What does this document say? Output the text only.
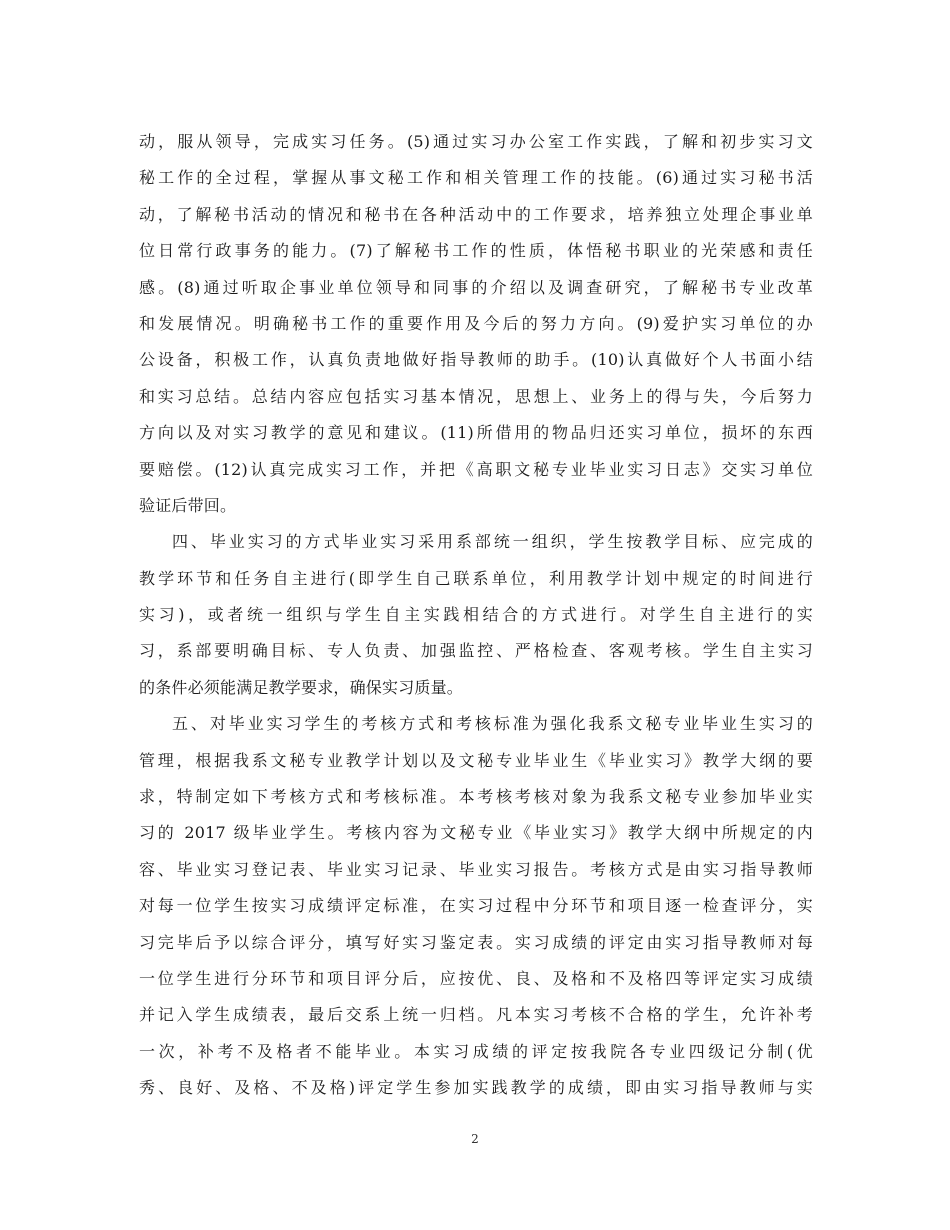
动，服从领导，完成实习任务。(5)通过实习办公室工作实践，了解和初步实习文
秘工作的全过程，掌握从事文秘工作和相关管理工作的技能。(6)通过实习秘书活
动，了解秘书活动的情况和秘书在各种活动中的工作要求，培养独立处理企事业单
位日常行政事务的能力。(7)了解秘书工作的性质，体悟秘书职业的光荣感和责任
感。(8)通过听取企事业单位领导和同事的介绍以及调查研究，了解秘书专业改革
和发展情况。明确秘书工作的重要作用及今后的努力方向。(9)爱护实习单位的办
公设备，积极工作，认真负责地做好指导教师的助手。(10)认真做好个人书面小结
和实习总结。总结内容应包括实习基本情况，思想上、业务上的得与失，今后努力
方向以及对实习教学的意见和建议。(11)所借用的物品归还实习单位，损坏的东西
要赔偿。(12)认真完成实习工作，并把《高职文秘专业毕业实习日志》交实习单位
验证后带回。
四、毕业实习的方式毕业实习采用系部统一组织，学生按教学目标、应完成的
教学环节和任务自主进行(即学生自己联系单位，利用教学计划中规定的时间进行
实习)，或者统一组织与学生自主实践相结合的方式进行。对学生自主进行的实
习，系部要明确目标、专人负责、加强监控、严格检查、客观考核。学生自主实习
的条件必须能满足教学要求，确保实习质量。
五、对毕业实习学生的考核方式和考核标准为强化我系文秘专业毕业生实习的
管理，根据我系文秘专业教学计划以及文秘专业毕业生《毕业实习》教学大纲的要
求，特制定如下考核方式和考核标准。本考核考核对象为我系文秘专业参加毕业实
习的 2017 级毕业学生。考核内容为文秘专业《毕业实习》教学大纲中所规定的内
容、毕业实习登记表、毕业实习记录、毕业实习报告。考核方式是由实习指导教师
对每一位学生按实习成绩评定标准，在实习过程中分环节和项目逐一检查评分，实
习完毕后予以综合评分，填写好实习鉴定表。实习成绩的评定由实习指导教师对每
一位学生进行分环节和项目评分后，应按优、良、及格和不及格四等评定实习成绩
并记入学生成绩表，最后交系上统一归档。凡本实习考核不合格的学生，允许补考
一次，补考不及格者不能毕业。本实习成绩的评定按我院各专业四级记分制(优
秀、良好、及格、不及格)评定学生参加实践教学的成绩，即由实习指导教师与实
2
